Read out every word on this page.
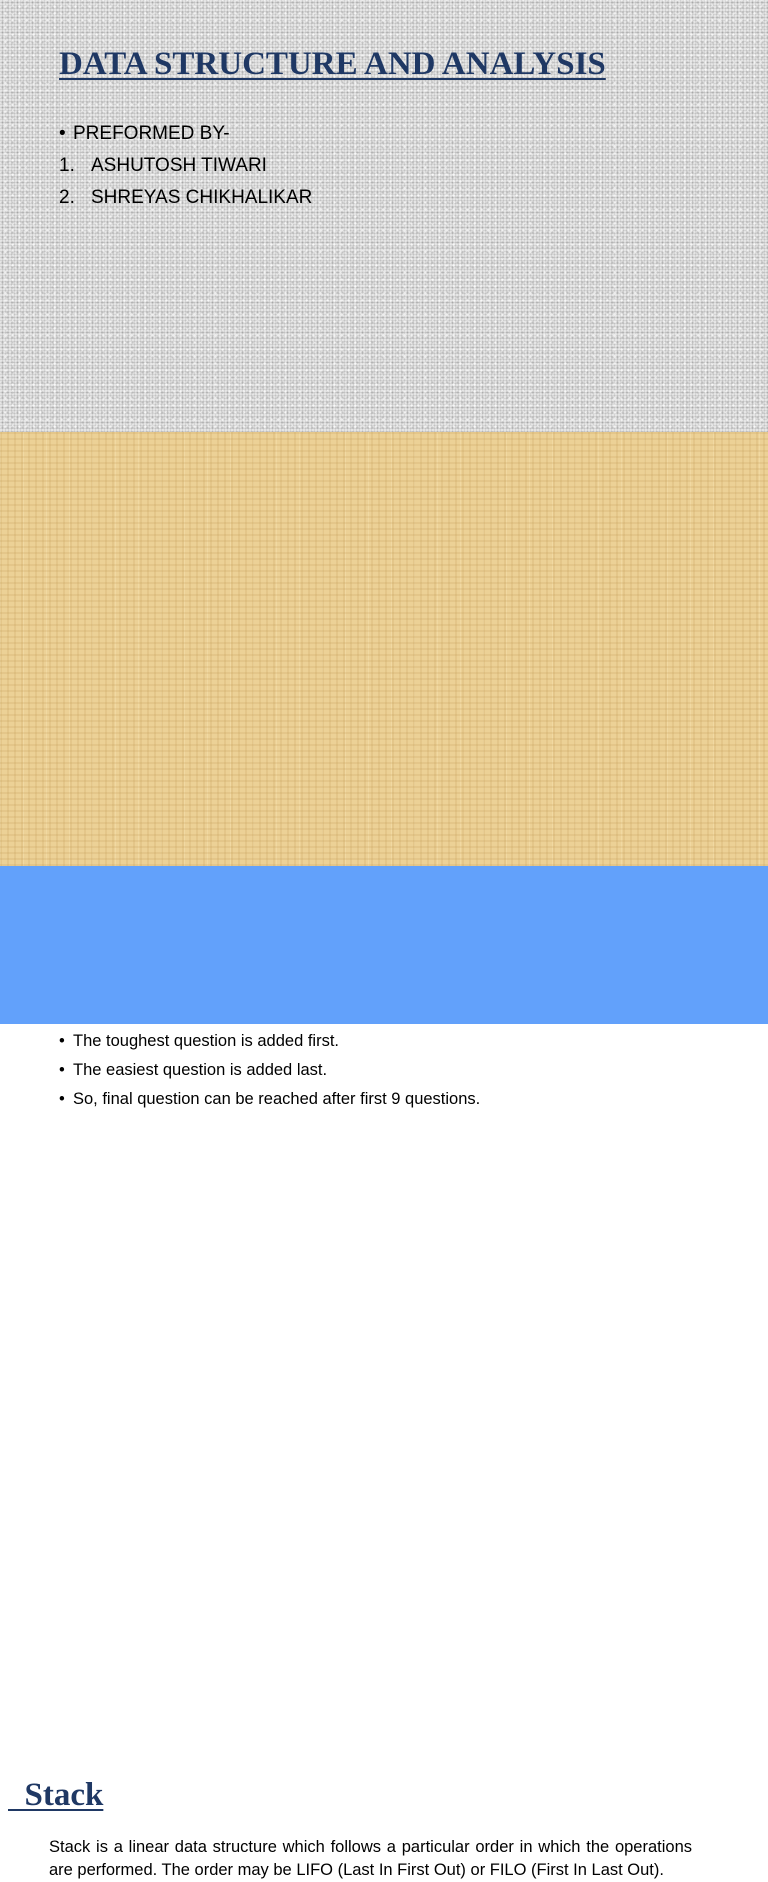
DATA STRUCTURE AND ANALYSIS
• PREFORMED BY-
1. ASHUTOSH TIWARI
2. SHREYAS CHIKHALIKAR
• The toughest question is added first.
• The easiest question is added last.
• So, final question can be reached after first 9 questions.
Stack

Stack is a linear data structure which follows a particular order in which the operations are performed. The order may be LIFO (Last In First Out) or FILO (First In Last Out).
